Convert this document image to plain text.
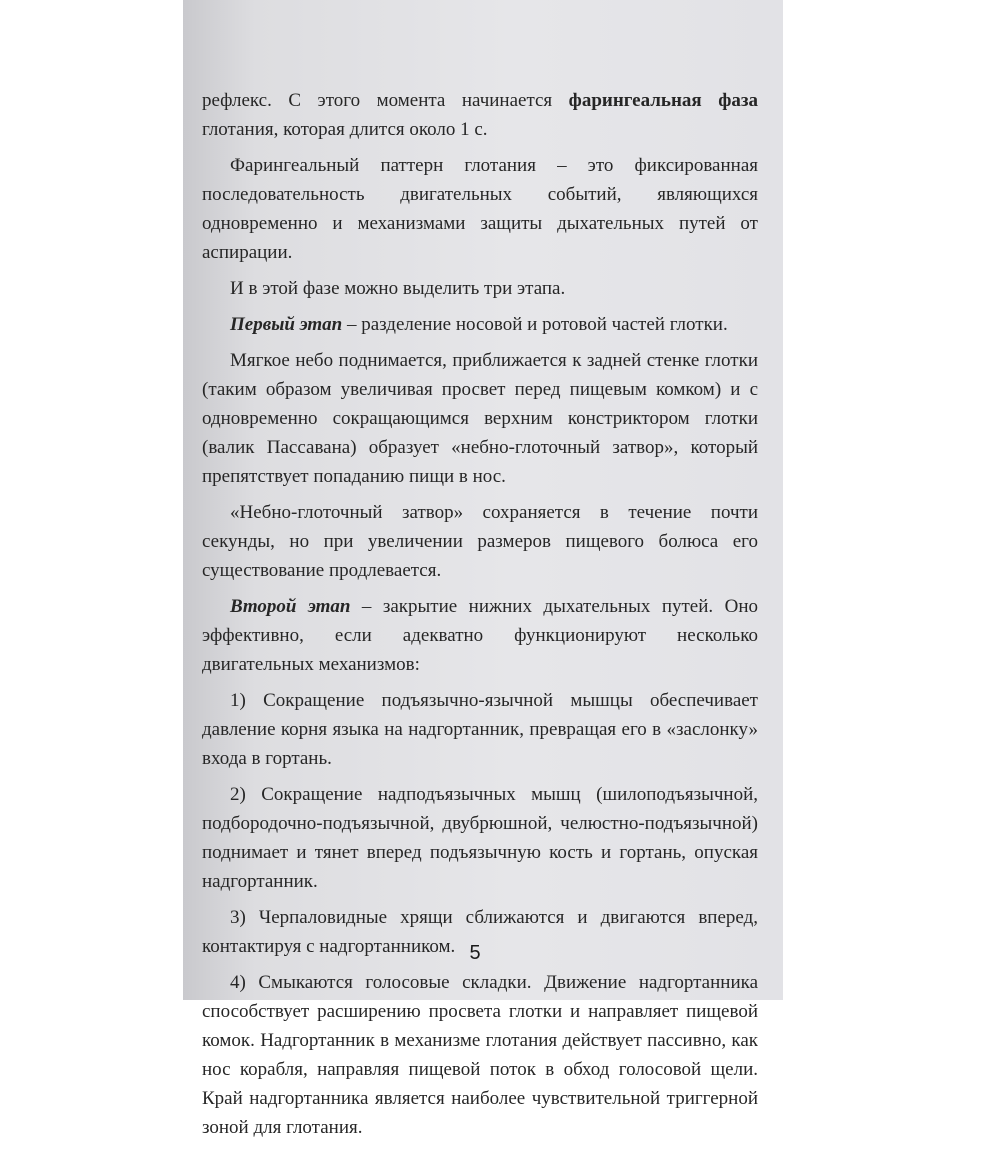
рефлекс. С этого момента начинается фарингеальная фаза глотания, которая длится около 1 с.

Фарингеальный паттерн глотания – это фиксированная последовательность двигательных событий, являющихся одновременно и механизмами защиты дыхательных путей от аспирации.

И в этой фазе можно выделить три этапа.

Первый этап – разделение носовой и ротовой частей глотки.

Мягкое небо поднимается, приближается к задней стенке глотки (таким образом увеличивая просвет перед пищевым комком) и с одновременно сокращающимся верхним констриктором глотки (валик Пассавана) образует «небно-глоточный затвор», который препятствует попаданию пищи в нос.

«Небно-глоточный затвор» сохраняется в течение почти секунды, но при увеличении размеров пищевого болюса его существование продлевается.

Второй этап – закрытие нижних дыхательных путей. Оно эффективно, если адекватно функционируют несколько двигательных механизмов:

1) Сокращение подъязычно-язычной мышцы обеспечивает давление корня языка на надгортанник, превращая его в «заслонку» входа в гортань.

2) Сокращение надподъязычных мышц (шилоподъязычной, подбородочно-подъязычной, двубрюшной, челюстно-подъязычной) поднимает и тянет вперед подъязычную кость и гортань, опуская надгортанник.

3) Черпаловидные хрящи сближаются и двигаются вперед, контактируя с надгортанником.

4) Смыкаются голосовые складки. Движение надгортанника способствует расширению просвета глотки и направляет пищевой комок. Надгортанник в механизме глотания действует пассивно, как нос корабля, направляя пищевой поток в обход голосовой щели. Край надгортанника является наиболее чувствительной триггерной зоной для глотания.

5
